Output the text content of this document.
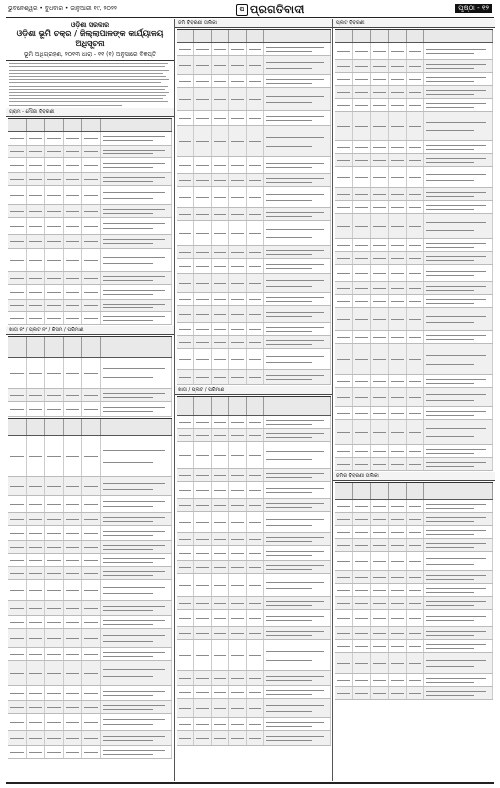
ଭୁବନେଶ୍ୱର • ବୁଧବାର • ଜାନୁଆରୀ ୧୯, ୨୦୨୨	ପ ପ୍ରଗତିବାଦୀ	ପୃଷ୍ଠା - ୧୨
ଓଡ଼ିଶା ସରକାର
ଓଡ଼ିଶା ଭୂମି ଚକ୍ର / ଜିଲ୍ଲାପାଳଙ୍କ କାର୍ଯ୍ୟାଳୟ
ଅଧିସୂଚନା
ଭୂମି ଅଧିଗ୍ରହଣ, ୨୦୧୩ ଧାରା - ୧୧ (୧) ଅନୁସାରେ ବିଜ୍ଞପ୍ତି
ଗ୍ରାମ - ମୌଜା ବିବରଣୀ
ଖାତା ନଂ / ପ୍ଲଟ ନଂ / କିସମ / ପରିମାଣ
ଜମି ବିବରଣୀ ତାଲିକା
ଖାତା / ପ୍ଲଟ / ପରିମାଣ
ପ୍ଲଟ ବିବରଣୀ
ଜମିର ବିବରଣୀ ତାଲିକା
